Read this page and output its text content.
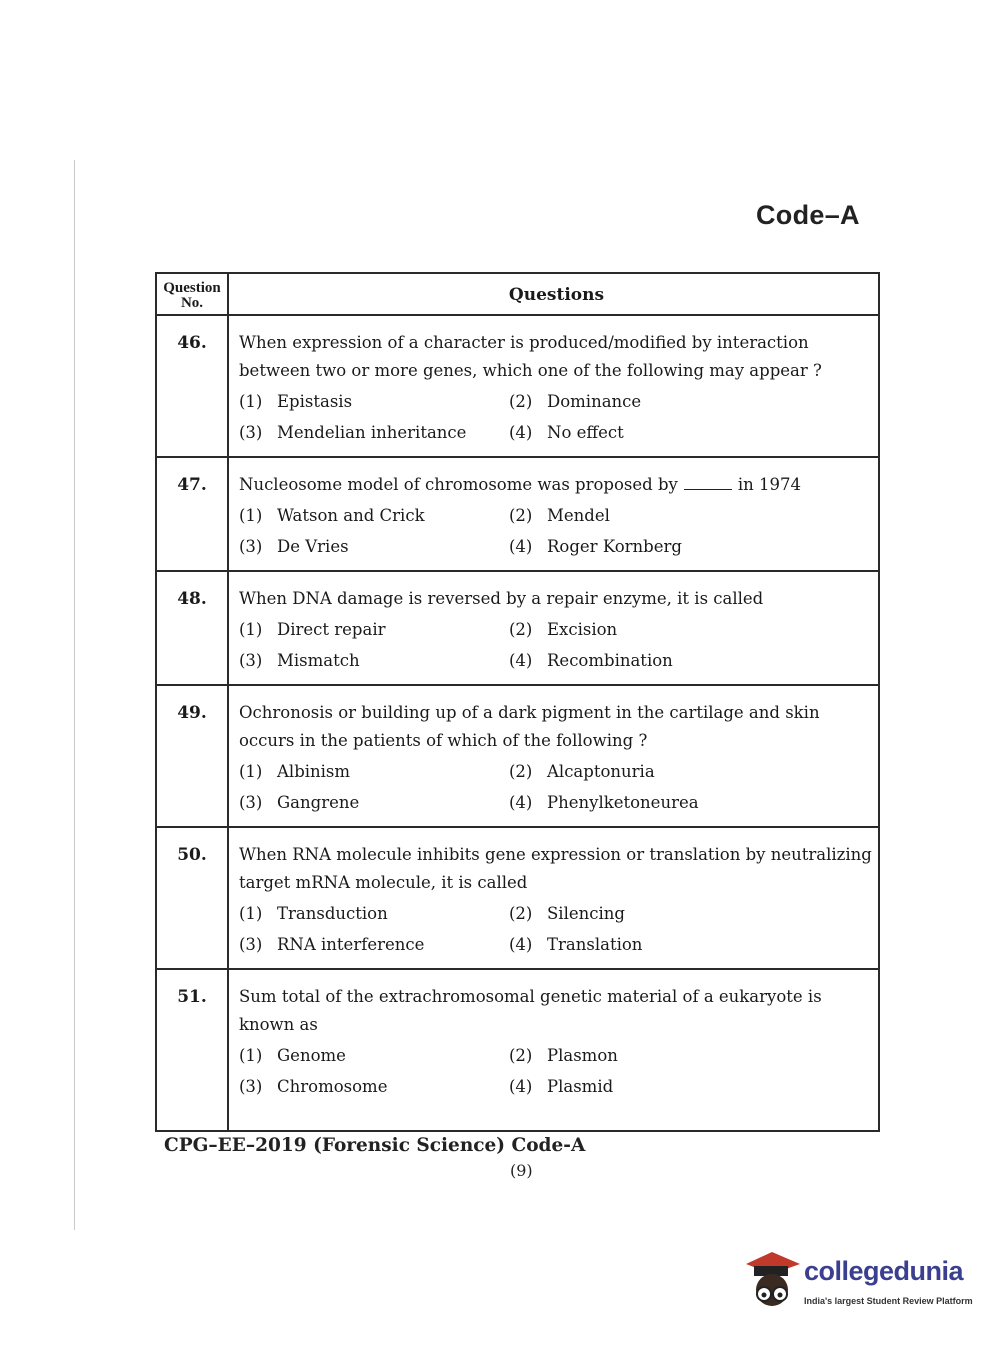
Code–A
Question No.	Questions
46.	When expression of a character is produced/modified by interaction between two or more genes, which one of the following may appear ?
(1) Epistasis	(2) Dominance
(3) Mendelian inheritance	(4) No effect
47.	Nucleosome model of chromosome was proposed by	in 1974
(1) Watson and Crick	(2) Mendel
(3) De Vries	(4) Roger Kornberg
48.	When DNA damage is reversed by a repair enzyme, it is called
(1) Direct repair	(2) Excision
(3) Mismatch	(4) Recombination
49.	Ochronosis or building up of a dark pigment in the cartilage and skin occurs in the patients of which of the following ?
(1) Albinism	(2) Alcaptonuria
(3) Gangrene	(4) Phenylketoneurea
50.	When RNA molecule inhibits gene expression or translation by neutralizing target mRNA molecule, it is called
(1) Transduction	(2) Silencing
(3) RNA interference	(4) Translation
51.	Sum total of the extrachromosomal genetic material of a eukaryote is known as
(1) Genome	(2) Plasmon
(3) Chromosome	(4) Plasmid
CPG–EE–2019 (Forensic Science) Code-A
(9)
collegedunia
India's largest Student Review Platform
